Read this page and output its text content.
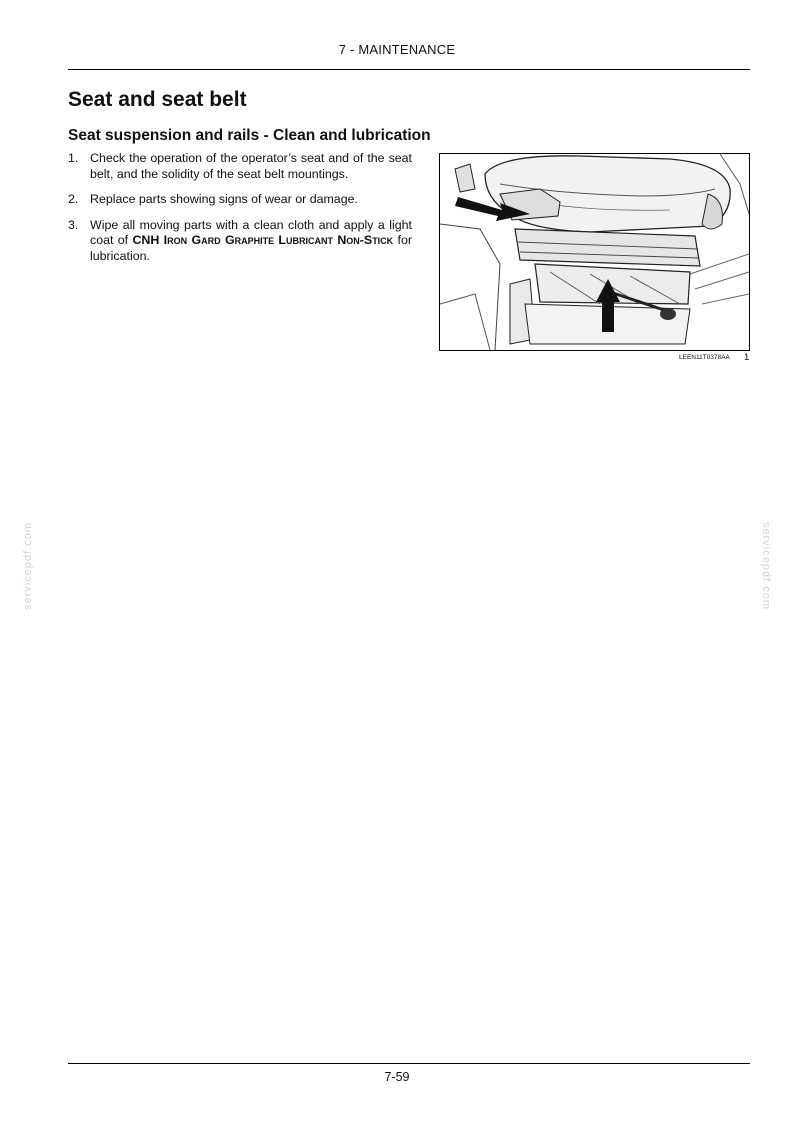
7 - MAINTENANCE
Seat and seat belt
Seat suspension and rails - Clean and lubrication
1. Check the operation of the operator’s seat and of the seat belt, and the solidity of the seat belt mountings.
2. Replace parts showing signs of wear or damage.
3. Wipe all moving parts with a clean cloth and apply a light coat of CNH Iron Gard Graphite Lubricant Non-Stick for lubrication.
LEEN11T0378AA 1
servicepdf.com	servicepdf.com
7-59
